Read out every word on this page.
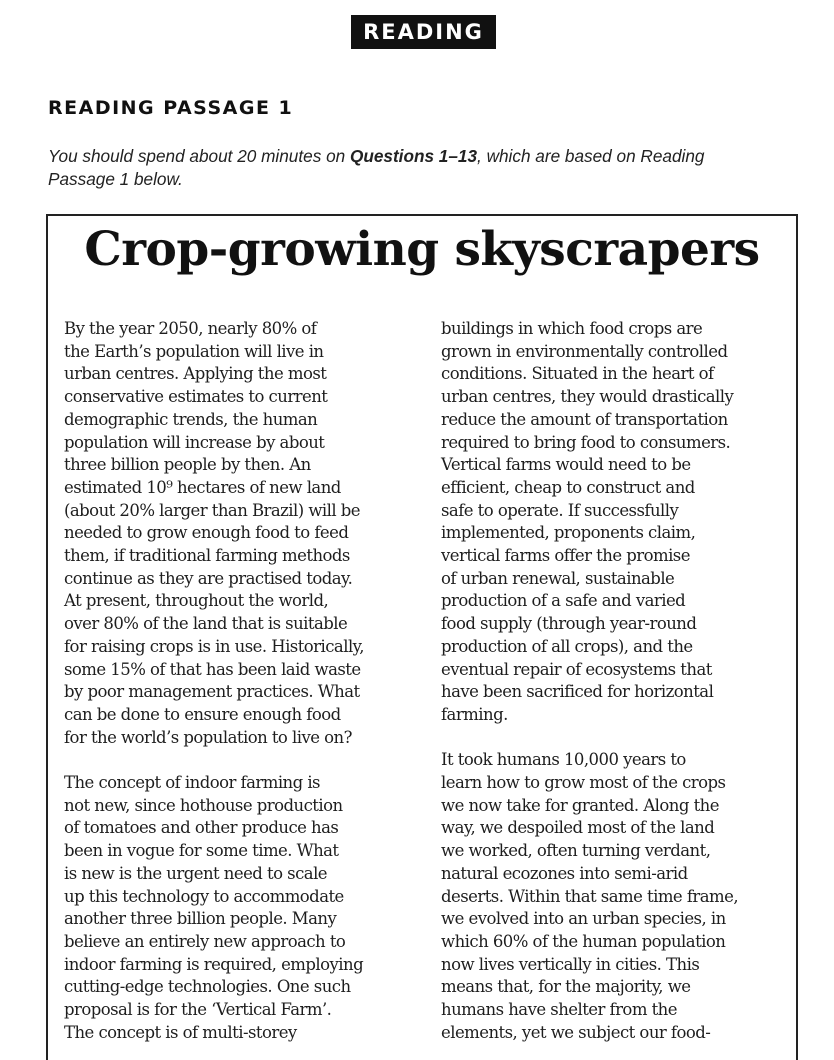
READING
READING PASSAGE 1
You should spend about 20 minutes on Questions 1–13, which are based on Reading
Passage 1 below.
Crop-growing skyscrapers
By the year 2050, nearly 80% of
the Earth’s population will live in
urban centres. Applying the most
conservative estimates to current
demographic trends, the human
population will increase by about
three billion people by then. An
estimated 10⁹ hectares of new land
(about 20% larger than Brazil) will be
needed to grow enough food to feed
them, if traditional farming methods
continue as they are practised today.
At present, throughout the world,
over 80% of the land that is suitable
for raising crops is in use. Historically,
some 15% of that has been laid waste
by poor management practices. What
can be done to ensure enough food
for the world’s population to live on?
The concept of indoor farming is
not new, since hothouse production
of tomatoes and other produce has
been in vogue for some time. What
is new is the urgent need to scale
up this technology to accommodate
another three billion people. Many
believe an entirely new approach to
indoor farming is required, employing
cutting-edge technologies. One such
proposal is for the ‘Vertical Farm’.
The concept is of multi-storey
buildings in which food crops are
grown in environmentally controlled
conditions. Situated in the heart of
urban centres, they would drastically
reduce the amount of transportation
required to bring food to consumers.
Vertical farms would need to be
efficient, cheap to construct and
safe to operate. If successfully
implemented, proponents claim,
vertical farms offer the promise
of urban renewal, sustainable
production of a safe and varied
food supply (through year-round
production of all crops), and the
eventual repair of ecosystems that
have been sacrificed for horizontal
farming.
It took humans 10,000 years to
learn how to grow most of the crops
we now take for granted. Along the
way, we despoiled most of the land
we worked, often turning verdant,
natural ecozones into semi-arid
deserts. Within that same time frame,
we evolved into an urban species, in
which 60% of the human population
now lives vertically in cities. This
means that, for the majority, we
humans have shelter from the
elements, yet we subject our food-
